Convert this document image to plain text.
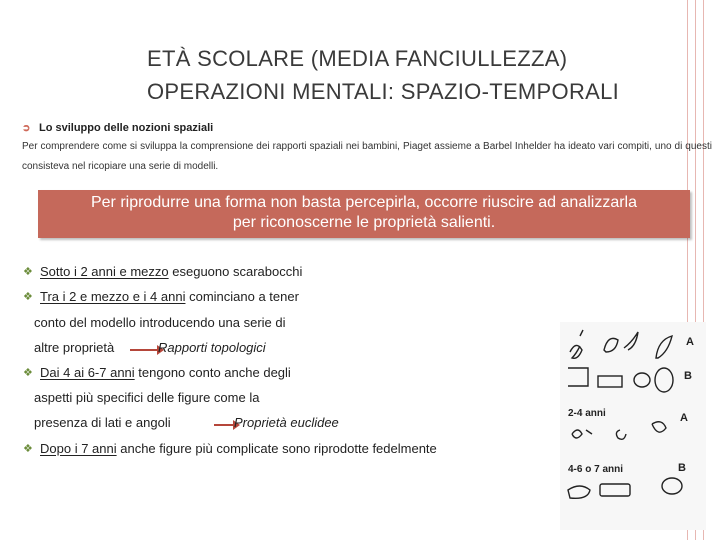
ETÀ SCOLARE (MEDIA FANCIULLEZZA)
OPERAZIONI MENTALI: SPAZIO-TEMPORALI
➲ Lo sviluppo delle nozioni spaziali
Per comprendere come si sviluppa la comprensione dei rapporti spaziali nei bambini, Piaget assieme a Barbel Inhelder ha ideato vari compiti, uno di questi consisteva nel ricopiare una serie di modelli.
Per riprodurre una forma non basta percepirla, occorre riuscire ad analizzarla
per riconoscerne le proprietà salienti.
❖ Sotto i 2 anni e mezzo eseguono scarabocchi
❖ Tra i 2 e mezzo e i 4 anni cominciano a tener
conto del modello introducendo una serie di
altre proprietà	Rapporti topologici
❖ Dai 4 ai 6-7 anni tengono conto anche degli
aspetti più specifici delle figure come la
presenza di lati e angoli	Proprietà euclidee
❖ Dopo i 7 anni anche figure più complicate sono riprodotte fedelmente
A
B
2-4 anni	A
4-6 o 7 anni	B
